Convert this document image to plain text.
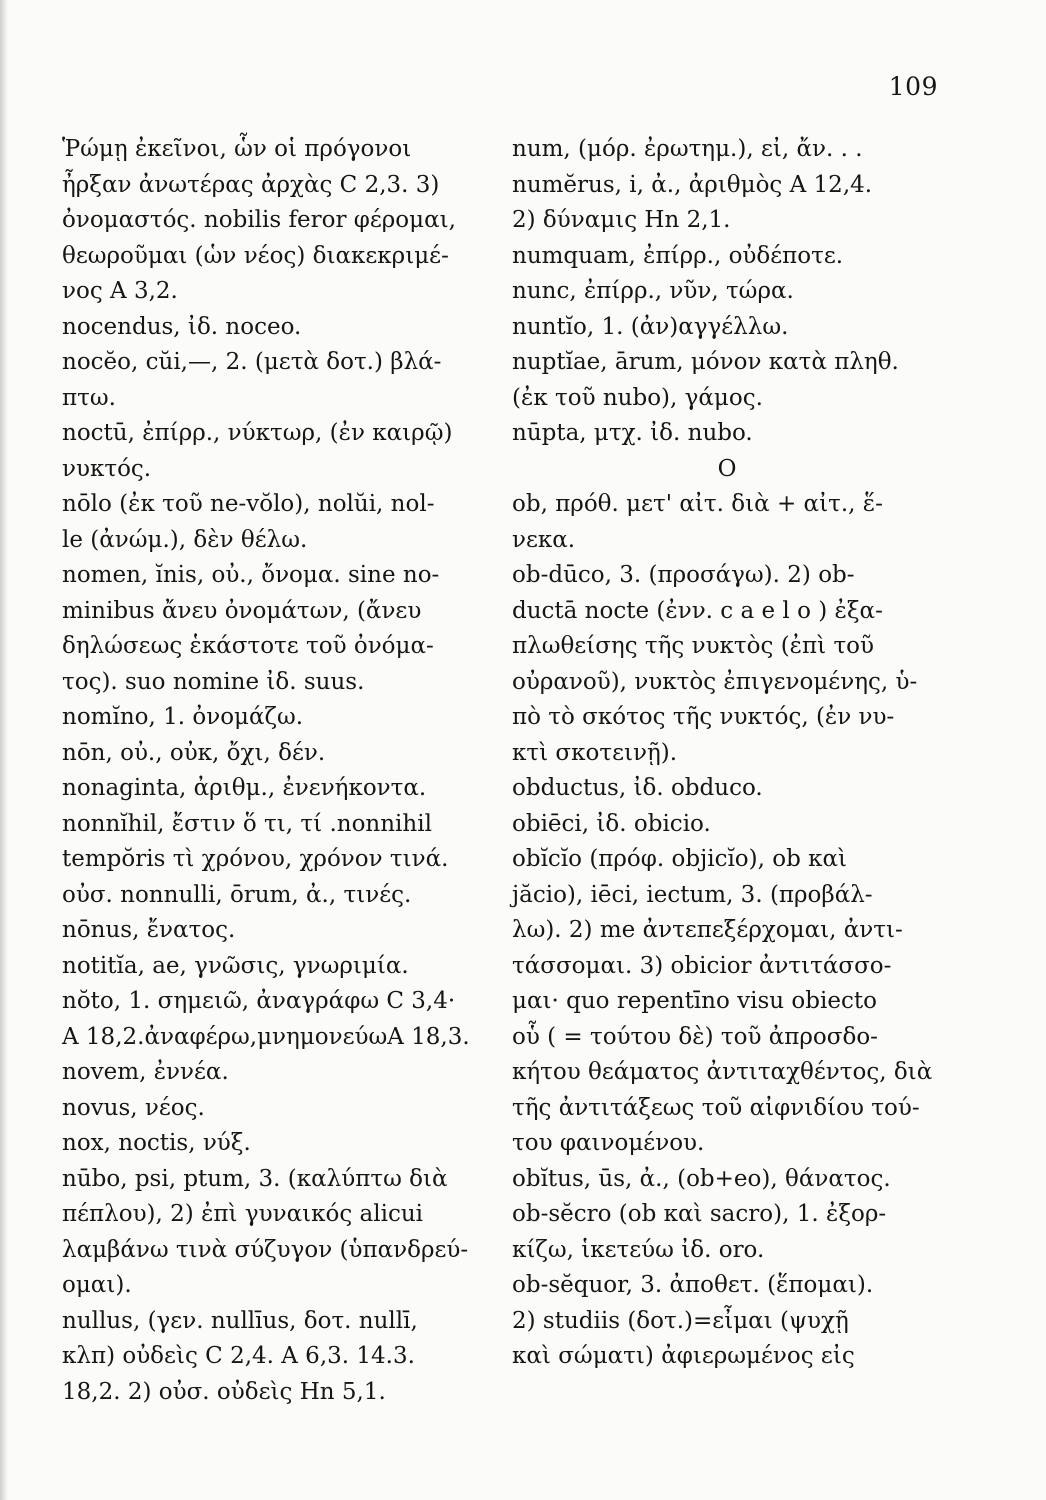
109
Ῥώμῃ ἐκεῖνοι, ὧν οἱ πρόγονοι
ἦρξαν ἀνωτέρας ἀρχὰς C 2,3. 3)
ὀνομαστός. nobilis feror φέρομαι,
θεωροῦμαι (ὡν νέος) διακεκριμέ-
νος A 3,2.
nocendus, ἰδ. noceo.
nocĕo, cŭi,—, 2. (μετὰ δοτ.) βλά-
πτω.
noctū, ἐπίρρ., νύκτωρ, (ἐν καιρῷ)
νυκτός.
nōlo (ἐκ τοῦ ne-vŏlo), nolŭi, nol-
le (ἀνώμ.), δὲν θέλω.
nomen, ĭnis, οὐ., ὄνομα. sine no-
minibus ἄνευ ὀνομάτων, (ἄνευ
δηλώσεως ἑκάστοτε τοῦ ὀνόμα-
τος). suo nomine ἰδ. suus.
nomĭno, 1. ὀνομάζω.
nōn, οὐ., οὐκ, ὄχι, δέν.
nonaginta, ἀριθμ., ἐνενήκοντα.
nonnĭhil, ἔστιν ὅ τι, τί .nonnihil
tempŏris τὶ χρόνου, χρόνον τινά.
οὐσ. nonnulli, ōrum, ἀ., τινές.
nōnus, ἔνατος.
notitĭa, ae, γνῶσις, γνωριμία.
nŏto, 1. σημειῶ, ἀναγράφω C 3,4·
A 18,2.ἀναφέρω,μνημονεύωA 18,3.
novem, ἐννέα.
novus, νέος.
nox, noctis, νύξ.
nūbo, psi, ptum, 3. (καλύπτω διὰ
πέπλου), 2) ἐπὶ γυναικός alicui
λαμβάνω τινὰ σύζυγον (ὑπανδρεύ-
ομαι).
nullus, (γεν. nullīus, δοτ. nullī,
κλπ) οὐδεὶς C 2,4. A 6,3. 14.3.
18,2. 2) οὐσ. οὐδεὶς Hn 5,1.
num, (μόρ. ἐρωτημ.), εἰ, ἄν. . .
numĕrus, i, ἀ., ἀριθμὸς A 12,4.
2) δύναμις Hn 2,1.
numquam, ἐπίρρ., οὐδέποτε.
nunc, ἐπίρρ., νῦν, τώρα.
nuntĭo, 1. (ἀν)αγγέλλω.
nuptĭae, ārum, μόνον κατὰ πληθ.
(ἐκ τοῦ nubo), γάμος.
nūpta, μτχ. ἰδ. nubo.
O
ob, πρόθ. μετ' αἰτ. διὰ + αἰτ., ἕ-
νεκα.
ob-dūco, 3. (προσάγω). 2) ob-
ductā nocte (ἐνν. c a e l o ) ἐξα-
πλωθείσης τῆς νυκτὸς (ἐπὶ τοῦ
οὐρανοῦ), νυκτὸς ἐπιγενομένης, ὑ-
πὸ τὸ σκότος τῆς νυκτός, (ἐν νυ-
κτὶ σκοτεινῇ).
obductus, ἰδ. obduco.
obiēci, ἰδ. obicio.
obĭcĭo (πρόφ. objicĭo), ob καὶ
jăcio), iēci, iectum, 3. (προβάλ-
λω). 2) me ἀντεπεξέρχομαι, ἀντι-
τάσσομαι. 3) obicior ἀντιτάσσο-
μαι· quo repentīno visu obiecto
οὗ ( = τούτου δὲ) τοῦ ἀπροσδο-
κήτου θεάματος ἀντιταχθέντος, διὰ
τῆς ἀντιτάξεως τοῦ αἰφνιδίου τού-
του φαινομένου.
obĭtus, ūs, ἀ., (ob+eo), θάνατος.
ob-sĕcro (ob καὶ sacro), 1. ἐξορ-
κίζω, ἱκετεύω ἰδ. oro.
ob-sĕquor, 3. ἀποθετ. (ἕπομαι).
2) studiis (δοτ.)=εἶμαι (ψυχῇ
καὶ σώματι) ἀφιερωμένος εἰς
